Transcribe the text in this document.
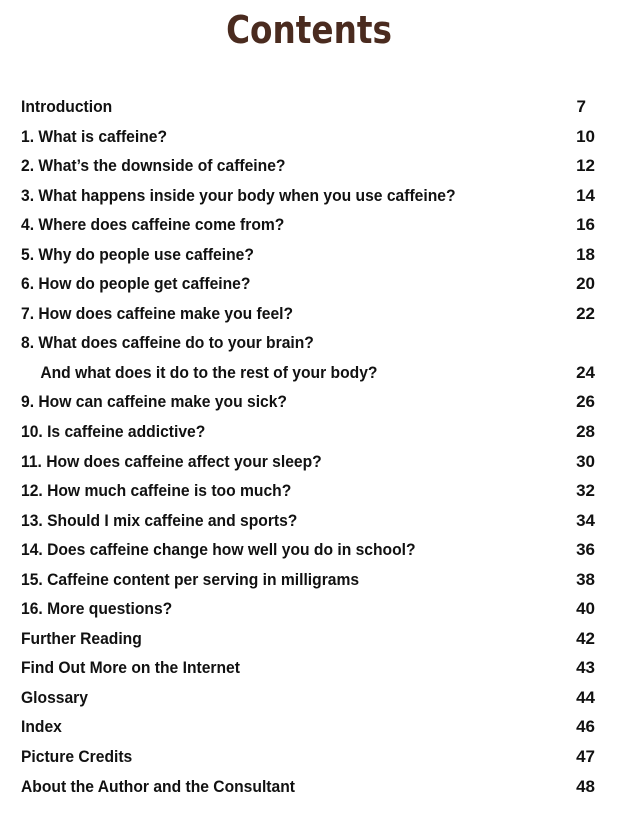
Contents
Introduction	7
1. What is caffeine?	10
2. What’s the downside of caffeine?	12
3. What happens inside your body when you use caffeine?	14
4. Where does caffeine come from?	16
5. Why do people use caffeine?	18
6. How do people get caffeine?	20
7. How does caffeine make you feel?	22
8. What does caffeine do to your brain?
And what does it do to the rest of your body?	24
9. How can caffeine make you sick?	26
10. Is caffeine addictive?	28
11. How does caffeine affect your sleep?	30
12. How much caffeine is too much?	32
13. Should I mix caffeine and sports?	34
14. Does caffeine change how well you do in school?	36
15. Caffeine content per serving in milligrams	38
16. More questions?	40
Further Reading	42
Find Out More on the Internet	43
Glossary	44
Index	46
Picture Credits	47
About the Author and the Consultant	48
